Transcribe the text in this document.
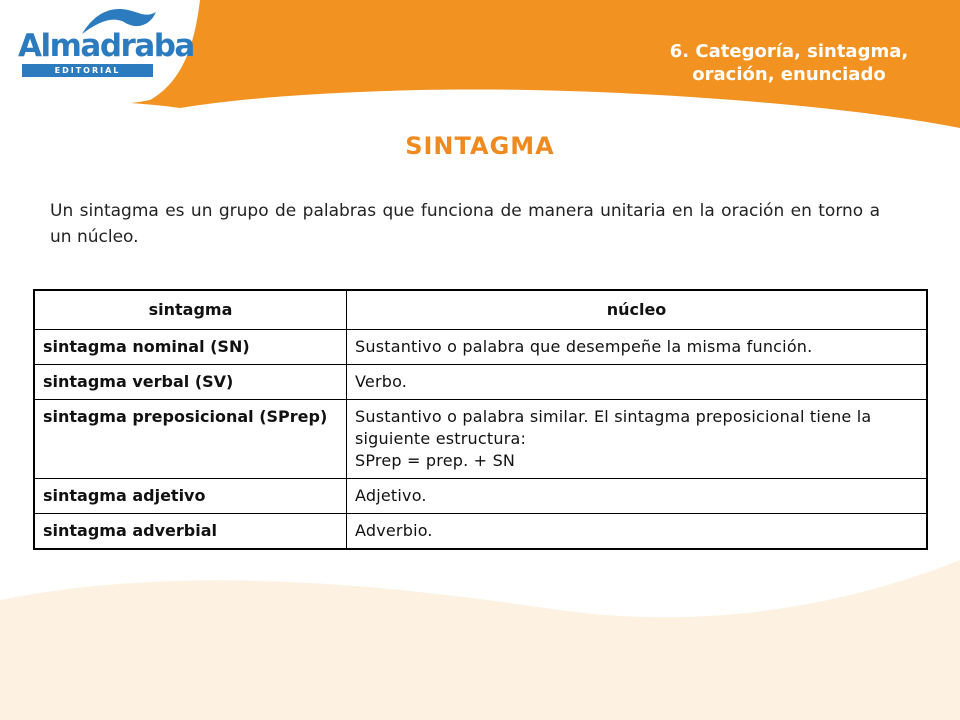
Almadraba
EDITORIAL
6. Categoría, sintagma,
oración, enunciado
SINTAGMA
Un sintagma es un grupo de palabras que funciona de manera unitaria en la oración en torno a un núcleo.
sintagma	núcleo
sintagma nominal (SN)	Sustantivo o palabra que desempeñe la misma función.
sintagma verbal (SV)	Verbo.
sintagma preposicional (SPrep)	Sustantivo o palabra similar. El sintagma preposicional tiene la siguiente estructura:
SPrep = prep. + SN

sintagma adjetivo	Adjetivo.
sintagma adverbial	Adverbio.
